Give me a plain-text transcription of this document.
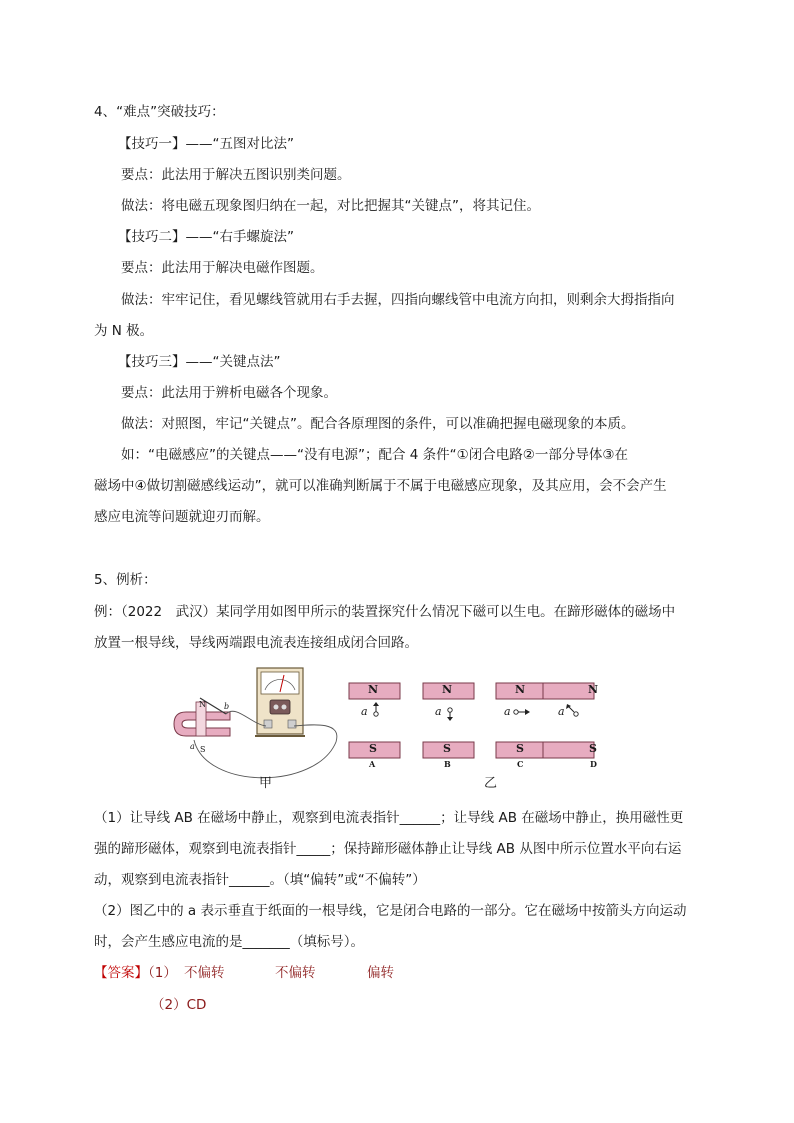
4、“难点”突破技巧：
【技巧一】——“五图对比法”
要点：此法用于解决五图识别类问题。
做法：将电磁五现象图归纳在一起，对比把握其“关键点”，将其记住。
【技巧二】——“右手螺旋法”
要点：此法用于解决电磁作图题。
做法：牢牢记住，看见螺线管就用右手去握，四指向螺线管中电流方向扣，则剩余大拇指指向
为 N 极。
【技巧三】——“关键点法”
要点：此法用于辨析电磁各个现象。
做法：对照图，牢记“关键点”。配合各原理图的条件，可以准确把握电磁现象的本质。
如：“电磁感应”的关键点——“没有电源”；配合 4 条件“①闭合电路②一部分导体③在
磁场中④做切割磁感线运动”，就可以准确判断属于不属于电磁感应现象，及其应用，会不会产生
感应电流等问题就迎刃而解。
5、例析：
例：（2022　武汉）某同学用如图甲所示的装置探究什么情况下磁可以生电。在蹄形磁体的磁场中
放置一根导线，导线两端跟电流表连接组成闭合回路。
N b
a S
N	N	N	N
S	S	S	S
a	a	a	a
A	B	C	D
甲	乙
（1）让导线 AB 在磁场中静止，观察到电流表指针______；让导线 AB 在磁场中静止，换用磁性更
强的蹄形磁体，观察到电流表指针_____；保持蹄形磁体静止让导线 AB 从图中所示位置水平向右运
动，观察到电流表指针______。（填“偏转”或“不偏转”）
（2）图乙中的 a 表示垂直于纸面的一根导线，它是闭合电路的一部分。它在磁场中按箭头方向运动
时，会产生感应电流的是_______（填标号）。
【答案】（1） 不偏转	不偏转	偏转
（2）CD
